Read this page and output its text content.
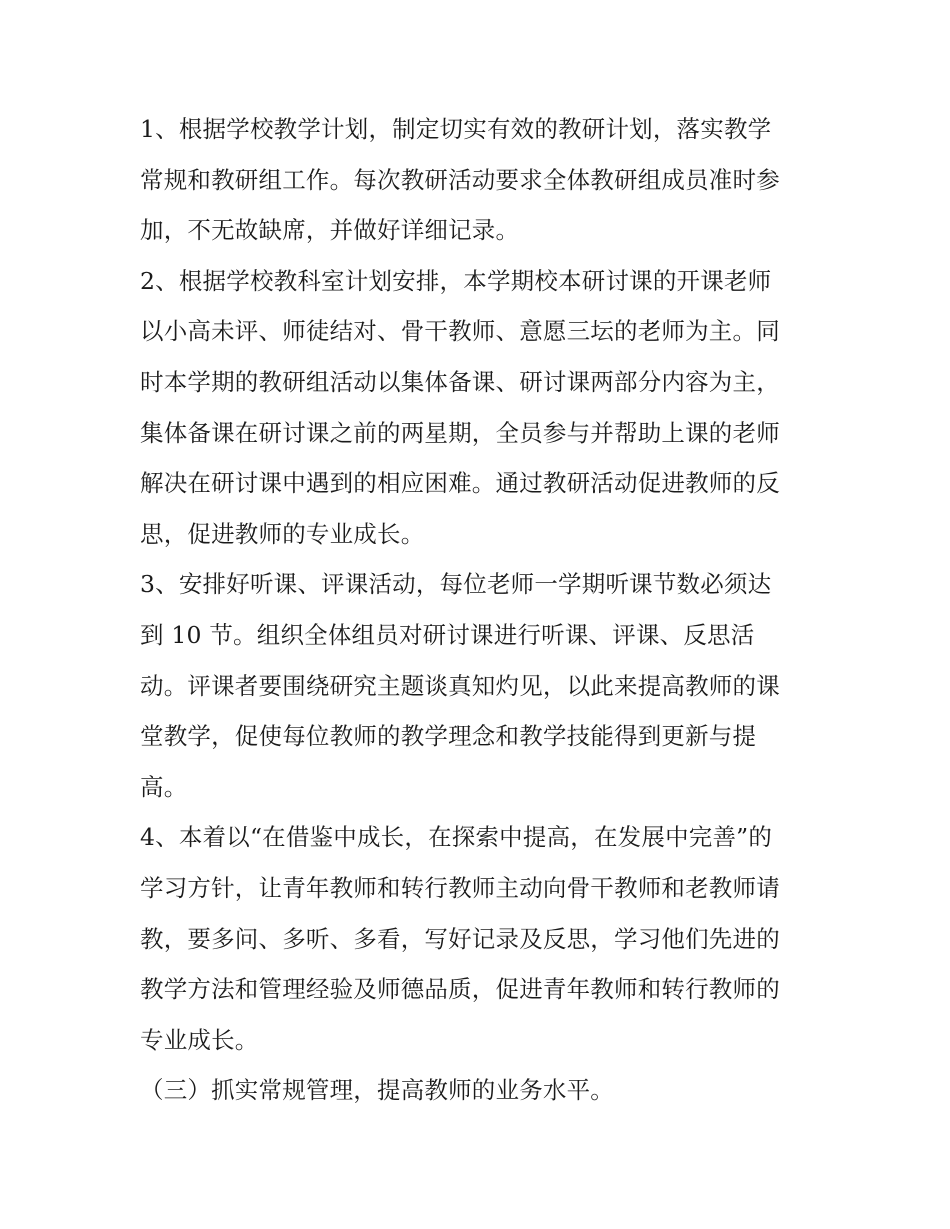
1、根据学校教学计划，制定切实有效的教研计划，落实教学
常规和教研组工作。每次教研活动要求全体教研组成员准时参
加，不无故缺席，并做好详细记录。
2、根据学校教科室计划安排，本学期校本研讨课的开课老师
以小高未评、师徒结对、骨干教师、意愿三坛的老师为主。同
时本学期的教研组活动以集体备课、研讨课两部分内容为主，
集体备课在研讨课之前的两星期，全员参与并帮助上课的老师
解决在研讨课中遇到的相应困难。通过教研活动促进教师的反
思，促进教师的专业成长。
3、安排好听课、评课活动，每位老师一学期听课节数必须达
到 10 节。组织全体组员对研讨课进行听课、评课、反思活
动。评课者要围绕研究主题谈真知灼见，以此来提高教师的课
堂教学，促使每位教师的教学理念和教学技能得到更新与提
高。
4、本着以“在借鉴中成长，在探索中提高，在发展中完善”的
学习方针，让青年教师和转行教师主动向骨干教师和老教师请
教，要多问、多听、多看，写好记录及反思，学习他们先进的
教学方法和管理经验及师德品质，促进青年教师和转行教师的
专业成长。
（三）抓实常规管理，提高教师的业务水平。
